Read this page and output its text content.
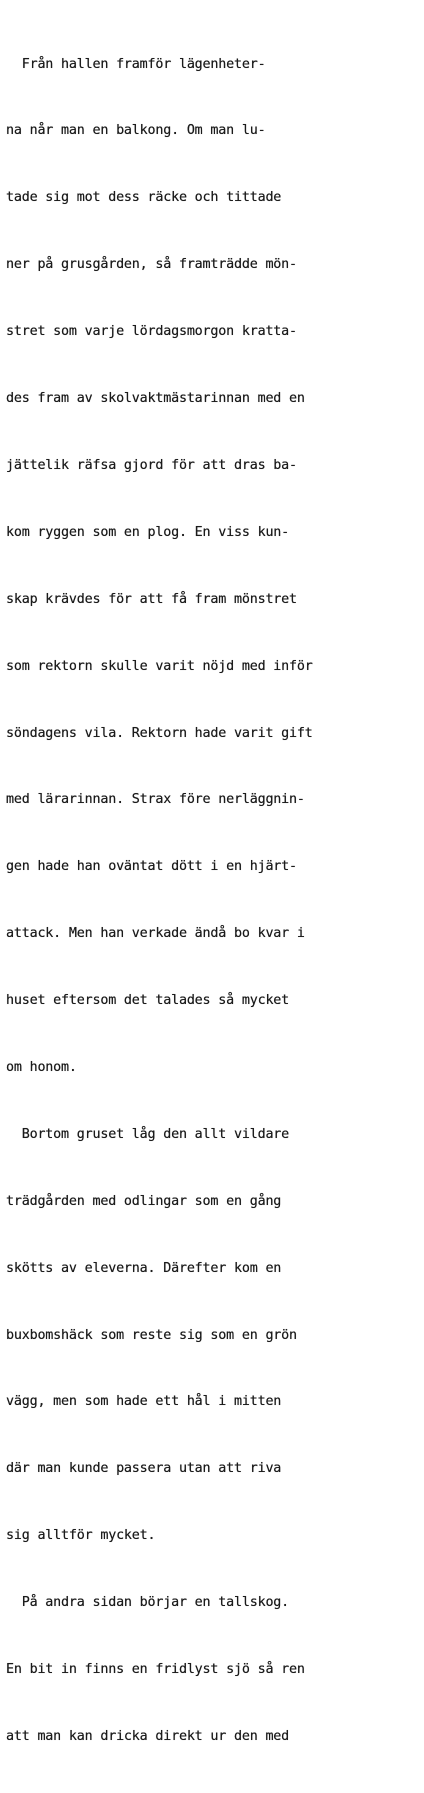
Från hallen framför lägenheter-

na når man en balkong. Om man lu-

tade sig mot dess räcke och tittade

ner på grusgården, så framträdde mön-

stret som varje lördagsmorgon kratta-

des fram av skolvaktmästarinnan med en

jättelik räfsa gjord för att dras ba-

kom ryggen som en plog. En viss kun-

skap krävdes för att få fram mönstret

som rektorn skulle varit nöjd med inför

söndagens vila. Rektorn hade varit gift

med lärarinnan. Strax före nerläggnin-

gen hade han oväntat dött i en hjärt-

attack. Men han verkade ändå bo kvar i

huset eftersom det talades så mycket

om honom.

Bortom gruset låg den allt vildare

trädgården med odlingar som en gång

skötts av eleverna. Därefter kom en

buxbomshäck som reste sig som en grön

vägg, men som hade ett hål i mitten

där man kunde passera utan att riva

sig alltför mycket.

På andra sidan börjar en tallskog.

En bit in finns en fridlyst sjö så ren

att man kan dricka direkt ur den med
